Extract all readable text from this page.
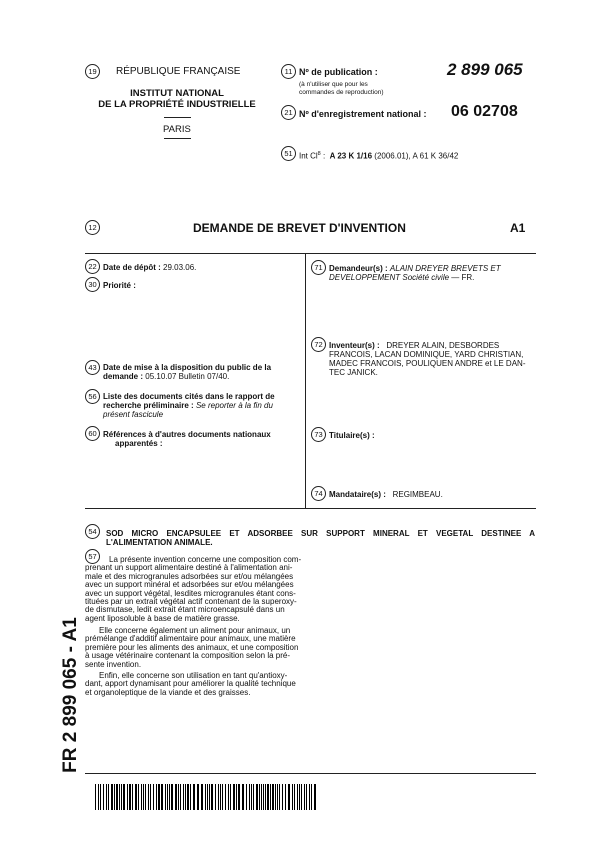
19	RÉPUBLIQUE FRANÇAISE
INSTITUT NATIONAL
DE LA PROPRIÉTÉ INDUSTRIELLE
PARIS
11 Nº de publication :
(à n'utiliser que pour les
commandes de reproduction)
2 899 065
21 Nº d'enregistrement national : 06 02708
51 Int Cl$^8$ : A 23 K 1/16 (2006.01), A 61 K 36/42
12	DEMANDE DE BREVET D'INVENTION	A1
22 Date de dépôt : 29.03.06.
30 Priorité :
43 Date de mise à la disposition du public de la
demande : 05.10.07 Bulletin 07/40.
56 Liste des documents cités dans le rapport de
recherche préliminaire : Se reporter à la fin du
présent fascicule
60 Références à d'autres documents nationaux
apparentés :
71 Demandeur(s) : ALAIN DREYER BREVETS ET
DEVELOPPEMENT Société civile — FR.
72 Inventeur(s) : DREYER ALAIN, DESBORDES
FRANCOIS, LACAN DOMINIQUE, YARD CHRISTIAN,
MADEC FRANCOIS, POULIQUEN ANDRE et LE DAN-
TEC JANICK.
73 Titulaire(s) :
74 Mandataire(s) : REGIMBEAU.
54	SOD MICRO ENCAPSULEE ET ADSORBEE SUR SUPPORT MINERAL ET VEGETAL DESTINEE A
L'ALIMENTATION ANIMALE.
57	La présente invention concerne une composition com-
prenant un support alimentaire destiné à l'alimentation ani-
male et des microgranules adsorbées sur et/ou mélangées
avec un support minéral et adsorbées sur et/ou mélangées
avec un support végétal, lesdites microgranules étant cons-
tituées par un extrait végétal actif contenant de la superoxy-
de dismutase, ledit extrait étant microencapsulé dans un
agent liposoluble à base de matière grasse.
Elle concerne également un aliment pour animaux, un
prémélange d'additif alimentaire pour animaux, une matière
première pour les aliments des animaux, et une composition
à usage vétérinaire contenant la composition selon la pré-
sente invention.
Enfin, elle concerne son utilisation en tant qu'antioxy-
dant, apport dynamisant pour améliorer la qualité technique
et organoleptique de la viande et des graisses.
FR 2 899 065 - A1
